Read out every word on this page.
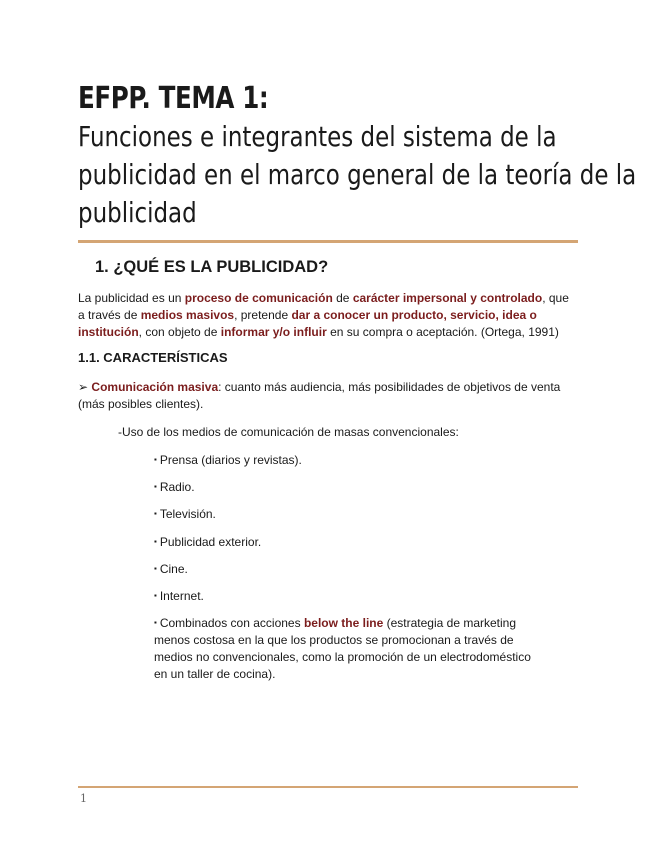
EFPP. TEMA 1:
Funciones e integrantes del sistema de la
publicidad en el marco general de la teoría de la
publicidad
1. ¿QUÉ ES LA PUBLICIDAD?
La publicidad es un proceso de comunicación de carácter impersonal y controlado, que a través de medios masivos, pretende dar a conocer un producto, servicio, idea o institución, con objeto de informar y/o influir en su compra o aceptación. (Ortega, 1991)
1.1. CARACTERÍSTICAS
➢ Comunicación masiva: cuanto más audiencia, más posibilidades de objetivos de venta (más posibles clientes).
-Uso de los medios de comunicación de masas convencionales:
▪ Prensa (diarios y revistas).
▪ Radio.
▪ Televisión.
▪ Publicidad exterior.
▪ Cine.
▪ Internet.
▪ Combinados con acciones below the line (estrategia de marketing menos costosa en la que los productos se promocionan a través de medios no convencionales, como la promoción de un electrodoméstico en un taller de cocina).
1
